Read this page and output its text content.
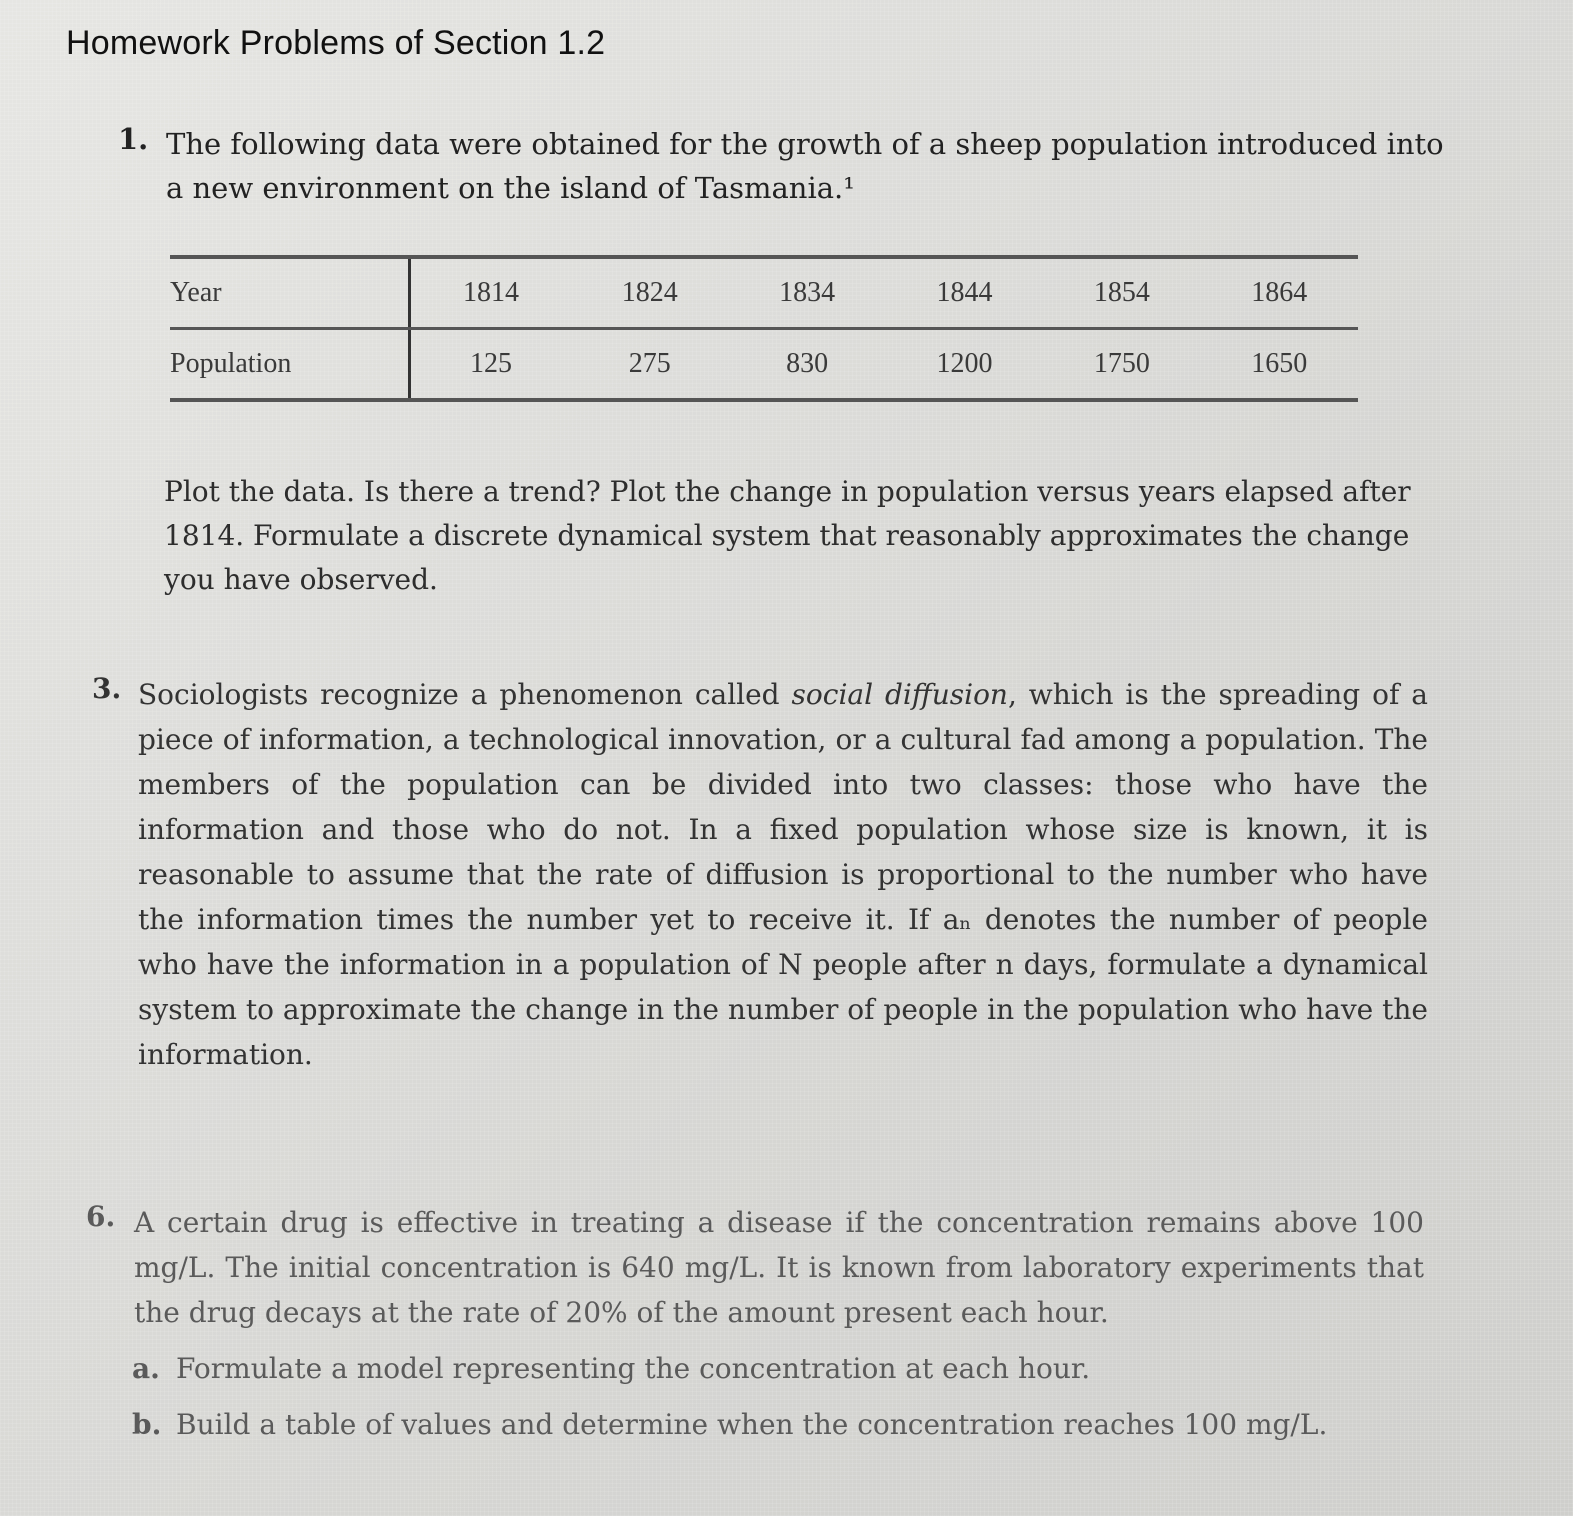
Homework Problems of Section 1.2
1. The following data were obtained for the growth of a sheep population introduced into a new environment on the island of Tasmania.¹
Year	1814	1824	1834	1844	1854	1864
Population	125	275	830	1200	1750	1650
Plot the data. Is there a trend? Plot the change in population versus years elapsed after 1814. Formulate a discrete dynamical system that reasonably approximates the change you have observed.
3. Sociologists recognize a phenomenon called social diffusion, which is the spreading of a piece of information, a technological innovation, or a cultural fad among a population. The members of the population can be divided into two classes: those who have the information and those who do not. In a fixed population whose size is known, it is reasonable to assume that the rate of diffusion is proportional to the number who have the information times the number yet to receive it. If aₙ denotes the number of people who have the information in a population of N people after n days, formulate a dynamical system to approximate the change in the number of people in the population who have the information.
6. A certain drug is effective in treating a disease if the concentration remains above 100 mg/L. The initial concentration is 640 mg/L. It is known from laboratory experiments that the drug decays at the rate of 20% of the amount present each hour.
a. Formulate a model representing the concentration at each hour.
b. Build a table of values and determine when the concentration reaches 100 mg/L.
